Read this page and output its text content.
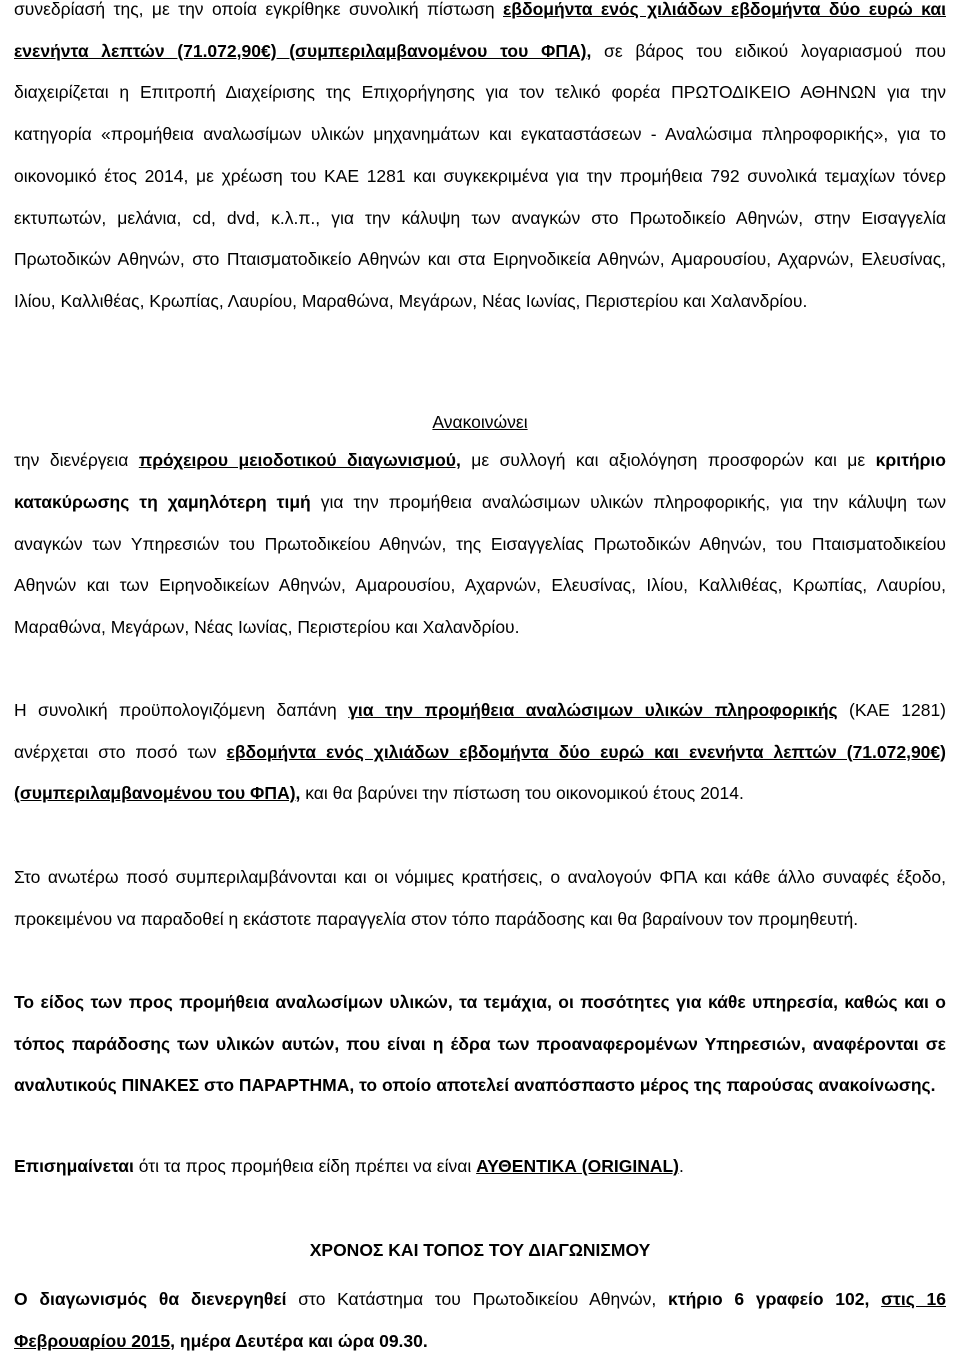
συνεδρίασή της, με την οποία εγκρίθηκε συνολική πίστωση εβδομήντα ενός χιλιάδων εβδομήντα δύο ευρώ και ενενήντα λεπτών (71.072,90€) (συμπεριλαμβανομένου του ΦΠΑ), σε βάρος του ειδικού λογαριασμού που διαχειρίζεται η Επιτροπή Διαχείρισης της Επιχορήγησης για τον τελικό φορέα ΠΡΩΤΟΔΙΚΕΙΟ ΑΘΗΝΩΝ για την κατηγορία «προμήθεια αναλωσίμων υλικών μηχανημάτων και εγκαταστάσεων - Αναλώσιμα πληροφορικής», για το οικονομικό έτος 2014, με χρέωση του ΚΑΕ 1281 και συγκεκριμένα για την προμήθεια 792 συνολικά τεμαχίων τόνερ εκτυπωτών, μελάνια, cd, dvd, κ.λ.π., για την κάλυψη των αναγκών στο Πρωτοδικείο Αθηνών, στην Εισαγγελία Πρωτοδικών Αθηνών, στο Πταισματοδικείο Αθηνών και στα Ειρηνοδικεία Αθηνών, Αμαρουσίου, Αχαρνών, Ελευσίνας, Ιλίου, Καλλιθέας, Κρωπίας, Λαυρίου, Μαραθώνα, Μεγάρων, Νέας Ιωνίας, Περιστερίου και Χαλανδρίου.

Ανακοινώνει

την διενέργεια πρόχειρου μειοδοτικού διαγωνισμού, με συλλογή και αξιολόγηση προσφορών και με κριτήριο κατακύρωσης τη χαμηλότερη τιμή για την προμήθεια αναλώσιμων υλικών πληροφορικής, για την κάλυψη των αναγκών των Υπηρεσιών του Πρωτοδικείου Αθηνών, της Εισαγγελίας Πρωτοδικών Αθηνών, του Πταισματοδικείου Αθηνών και των Ειρηνοδικείων Αθηνών, Αμαρουσίου, Αχαρνών, Ελευσίνας, Ιλίου, Καλλιθέας, Κρωπίας, Λαυρίου, Μαραθώνα, Μεγάρων, Νέας Ιωνίας, Περιστερίου και Χαλανδρίου.

Η συνολική προϋπολογιζόμενη δαπάνη για την προμήθεια αναλώσιμων υλικών πληροφορικής (ΚΑΕ 1281) ανέρχεται στο ποσό των εβδομήντα ενός χιλιάδων εβδομήντα δύο ευρώ και ενενήντα λεπτών (71.072,90€) (συμπεριλαμβανομένου του ΦΠΑ), και θα βαρύνει την πίστωση του οικονομικού έτους 2014.

Στο ανωτέρω ποσό συμπεριλαμβάνονται και οι νόμιμες κρατήσεις, ο αναλογούν ΦΠΑ και κάθε άλλο συναφές έξοδο, προκειμένου να παραδοθεί η εκάστοτε παραγγελία στον τόπο παράδοσης και θα βαραίνουν τον προμηθευτή.

Το είδος των προς προμήθεια αναλωσίμων υλικών, τα τεμάχια, οι ποσότητες για κάθε υπηρεσία, καθώς και ο τόπος παράδοσης των υλικών αυτών, που είναι η έδρα των προαναφερομένων Υπηρεσιών, αναφέρονται σε αναλυτικούς ΠΙΝΑΚΕΣ στο ΠΑΡΑΡΤΗΜΑ, το οποίο αποτελεί αναπόσπαστο μέρος της παρούσας ανακοίνωσης.

Επισημαίνεται ότι τα προς προμήθεια είδη πρέπει να είναι ΑΥΘΕΝΤΙΚΑ (ORIGINAL).

ΧΡΟΝΟΣ ΚΑΙ ΤΟΠΟΣ ΤΟΥ ΔΙΑΓΩΝΙΣΜΟΥ

Ο διαγωνισμός θα διενεργηθεί στο Κατάστημα του Πρωτοδικείου Αθηνών, κτήριο 6 γραφείο 102, στις 16 Φεβρουαρίου 2015, ημέρα Δευτέρα και ώρα 09.30.
